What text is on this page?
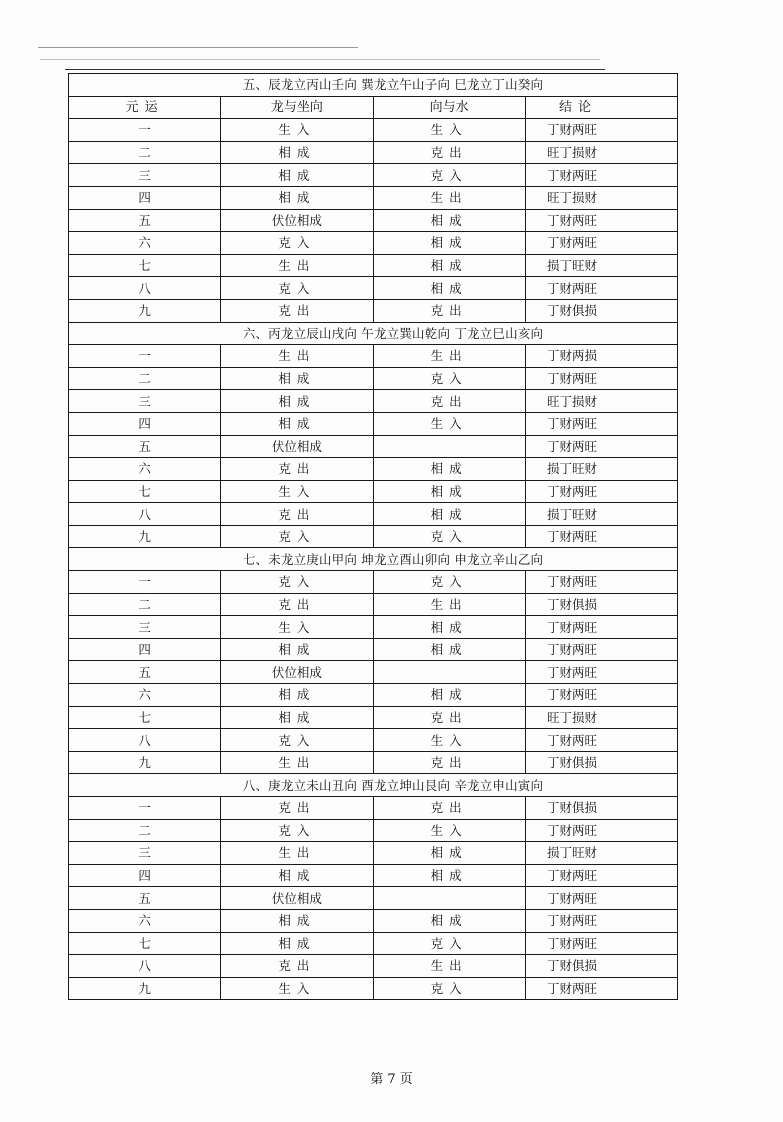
五、辰龙立丙山壬向 巽龙立午山子向 巳龙立丁山癸向			
元运	龙与坐向	向与水	结论
一	生入	生入	丁财两旺
二	相成	克出	旺丁损财
三	相成	克入	丁财两旺
四	相成	生出	旺丁损财
五	伏位相成	相成	丁财两旺
六	克入	相成	丁财两旺
七	生出	相成	损丁旺财
八	克入	相成	丁财两旺
九	克出	克出	丁财俱损
六、丙龙立辰山戌向 午龙立巽山乾向 丁龙立巳山亥向			
一	生出	生出	丁财两损
二	相成	克入	丁财两旺
三	相成	克出	旺丁损财
四	相成	生入	丁财两旺
五	伏位相成		丁财两旺
六	克出	相成	损丁旺财
七	生入	相成	丁财两旺
八	克出	相成	损丁旺财
九	克入	克入	丁财两旺
七、未龙立庚山甲向 坤龙立酉山卯向 申龙立辛山乙向			
一	克入	克入	丁财两旺
二	克出	生出	丁财俱损
三	生入	相成	丁财两旺
四	相成	相成	丁财两旺
五	伏位相成		丁财两旺
六	相成	相成	丁财两旺
七	相成	克出	旺丁损财
八	克入	生入	丁财两旺
九	生出	克出	丁财俱损
八、庚龙立未山丑向 酉龙立坤山艮向 辛龙立申山寅向			
一	克出	克出	丁财俱损
二	克入	生入	丁财两旺
三	生出	相成	损丁旺财
四	相成	相成	丁财两旺
五	伏位相成		丁财两旺
六	相成	相成	丁财两旺
七	相成	克入	丁财两旺
八	克出	生出	丁财俱损
九	生入	克入	丁财两旺
第 7 页
